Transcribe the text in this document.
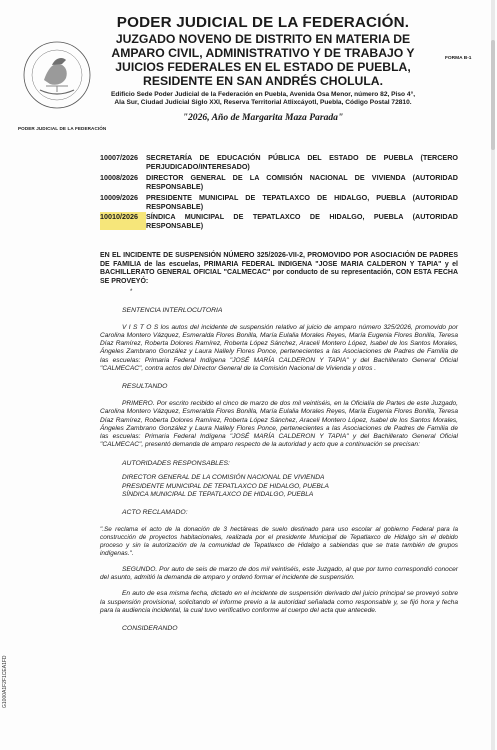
PODER JUDICIAL DE LA FEDERACIÓN
PODER JUDICIAL DE LA FEDERACIÓN.
JUZGADO NOVENO DE DISTRITO EN MATERIA DE AMPARO CIVIL, ADMINISTRATIVO Y DE TRABAJO Y JUICIOS FEDERALES EN EL ESTADO DE PUEBLA, RESIDENTE EN SAN ANDRÉS CHOLULA.
Edificio Sede Poder Judicial de la Federación en Puebla, Avenida Osa Menor, número 82, Piso 4°, Ala Sur, Ciudad Judicial Siglo XXI, Reserva Territorial Atlixcáyotl, Puebla, Código Postal 72810.
"2026, Año de Margarita Maza Parada"
FORMA B-1
10007/2026	SECRETARÍA DE EDUCACIÓN PÚBLICA DEL ESTADO DE PUEBLA (TERCERO PERJUDICADO/INTERESADO)
10008/2026	DIRECTOR GENERAL DE LA COMISIÓN NACIONAL DE VIVIENDA (AUTORIDAD RESPONSABLE)
10009/2026	PRESIDENTE MUNICIPAL DE TEPATLAXCO DE HIDALGO, PUEBLA (AUTORIDAD RESPONSABLE)
10010/2026	SÍNDICA MUNICIPAL DE TEPATLAXCO DE HIDALGO, PUEBLA (AUTORIDAD RESPONSABLE)
EN EL INCIDENTE DE SUSPENSIÓN NÚMERO 325/2026-VII-2, PROMOVIDO POR ASOCIACIÓN DE PADRES DE FAMILIA de las escuelas, PRIMARIA FEDERAL INDIGENA "JOSE MARIA CALDERON Y TAPIA" y el BACHILLERATO GENERAL OFICIAL "CALMECAC" por conducto de su representación, CON ESTA FECHA SE PROVEYÓ:
*
SENTENCIA INTERLOCUTORIA
V I S T O S los autos del incidente de suspensión relativo al juicio de amparo número 325/2026, promovido por Carolina Montero Vázquez, Esmeralda Flores Bonilla, María Eulalia Morales Reyes, María Eugenia Flores Bonilla, Teresa Díaz Ramírez, Roberta Dolores Ramírez, Roberta López Sánchez, Araceli Montero López, Isabel de los Santos Morales, Ángeles Zambrano González y Laura Nallely Flores Ponce, pertenecientes a las Asociaciones de Padres de Familia de las escuelas: Primaria Federal Indígena "JOSÉ MARÍA CALDERON Y TAPIA" y del Bachillerato General Oficial "CALMECAC", contra actos del Director General de la Comisión Nacional de Vivienda y otros .
RESULTANDO
PRIMERO. Por escrito recibido el cinco de marzo de dos mil veintiséis, en la Oficialía de Partes de este Juzgado, Carolina Montero Vázquez, Esmeralda Flores Bonilla, María Eulalia Morales Reyes, María Eugenia Flores Bonilla, Teresa Díaz Ramírez, Roberta Dolores Ramírez, Roberta López Sánchez, Araceli Montero López, Isabel de los Santos Morales, Ángeles Zambrano González y Laura Nallely Flores Ponce, pertenecientes a las Asociaciones de Padres de Familia de las escuelas: Primaria Federal Indígena "JOSÉ MARÍA CALDERON Y TAPIA" y del Bachillerato General Oficial "CALMECAC", presentó demanda de amparo respecto de la autoridad y acto que a continuación se precisan:
AUTORIDADES RESPONSABLES:
DIRECTOR GENERAL DE LA COMISIÓN NACIONAL DE VIVIENDA
PRESIDENTE MUNICIPAL DE TEPATLAXCO DE HIDALGO, PUEBLA
SÍNDICA MUNICIPAL DE TEPATLAXCO DE HIDALGO, PUEBLA
ACTO RECLAMADO:
".Se reclama el acto de la donación de 3 hectáreas de suelo destinado para uso escolar al gobierno Federal para la construcción de proyectos habitacionales, realizada por el presidente Municipal de Tepatlaxco de Hidalgo sin el debido proceso y sin la autorización de la comunidad de Tepatlaxco de Hidalgo a sabiendas que se trata también de grupos indígenas.".
SEGUNDO. Por auto de seis de marzo de dos mil veintiséis, este Juzgado, al que por turno correspondió conocer del asunto, admitió la demanda de amparo y ordenó formar el incidente de suspensión.
En auto de esa misma fecha, dictado en el incidente de suspensión derivado del juicio principal se proveyó sobre la suspensión provisional, solicitando el informe previo a la autoridad señalada como responsable y, se fijó hora y fecha para la audiencia incidental, la cual tuvo verificativo conforme al cuerpo del acta que antecede.
CONSIDERANDO
G1000A1F2F1CEA1FD
